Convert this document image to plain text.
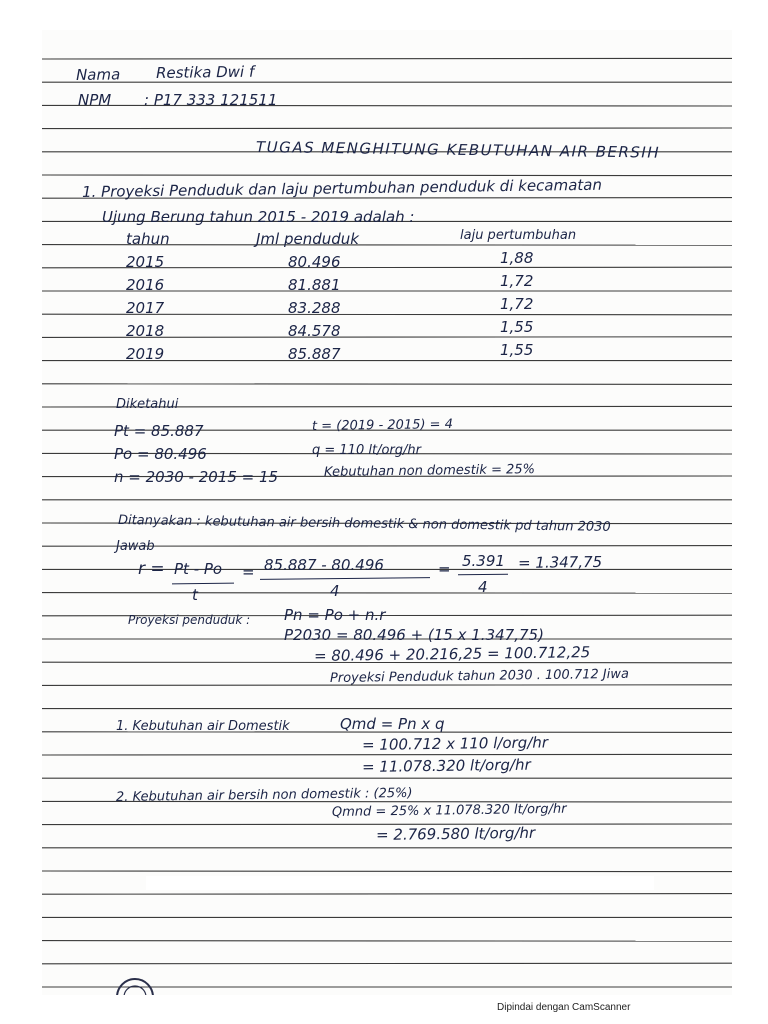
Nama Restika Dwi f
NPM : P17 333 121511
TUGAS MENGHITUNG KEBUTUHAN AIR BERSIH
1. Proyeksi Penduduk dan laju pertumbuhan penduduk di kecamatan
Ujung Berung tahun 2015 - 2019 adalah :
tahun
2015
2016
2017
2018
2019
Jml penduduk
80.496
81.881
83.288
84.578
85.887
laju pertumbuhan
1,88
1,72
1,72
1,55
1,55
Diketahui
Pt = 85.887
Po = 80.496
n = 2030 - 2015 = 15
t = (2019 - 2015) = 4
q = 110 lt/org/hr
Kebutuhan non domestik = 25%
Ditanyakan : kebutuhan air bersih domestik & non domestik pd tahun 2030
Jawab
r = Pt - Po
t
= 85.887 - 80.496
4
= 5.391
4
= 1.347,75
Proyeksi penduduk : Pn = Po + n.r
P2030 = 80.496 + (15 x 1.347,75)
= 80.496 + 20.216,25 = 100.712,25
Proyeksi Penduduk tahun 2030 . 100.712 Jiwa
1. Kebutuhan air Domestik	Qmd = Pn x q
= 100.712 x 110 l/org/hr
= 11.078.320 lt/org/hr
2. Kebutuhan air bersih non domestik : (25%)
Qmnd = 25% x 11.078.320 lt/org/hr
= 2.769.580 lt/org/hr
Dipindai dengan CamScanner
